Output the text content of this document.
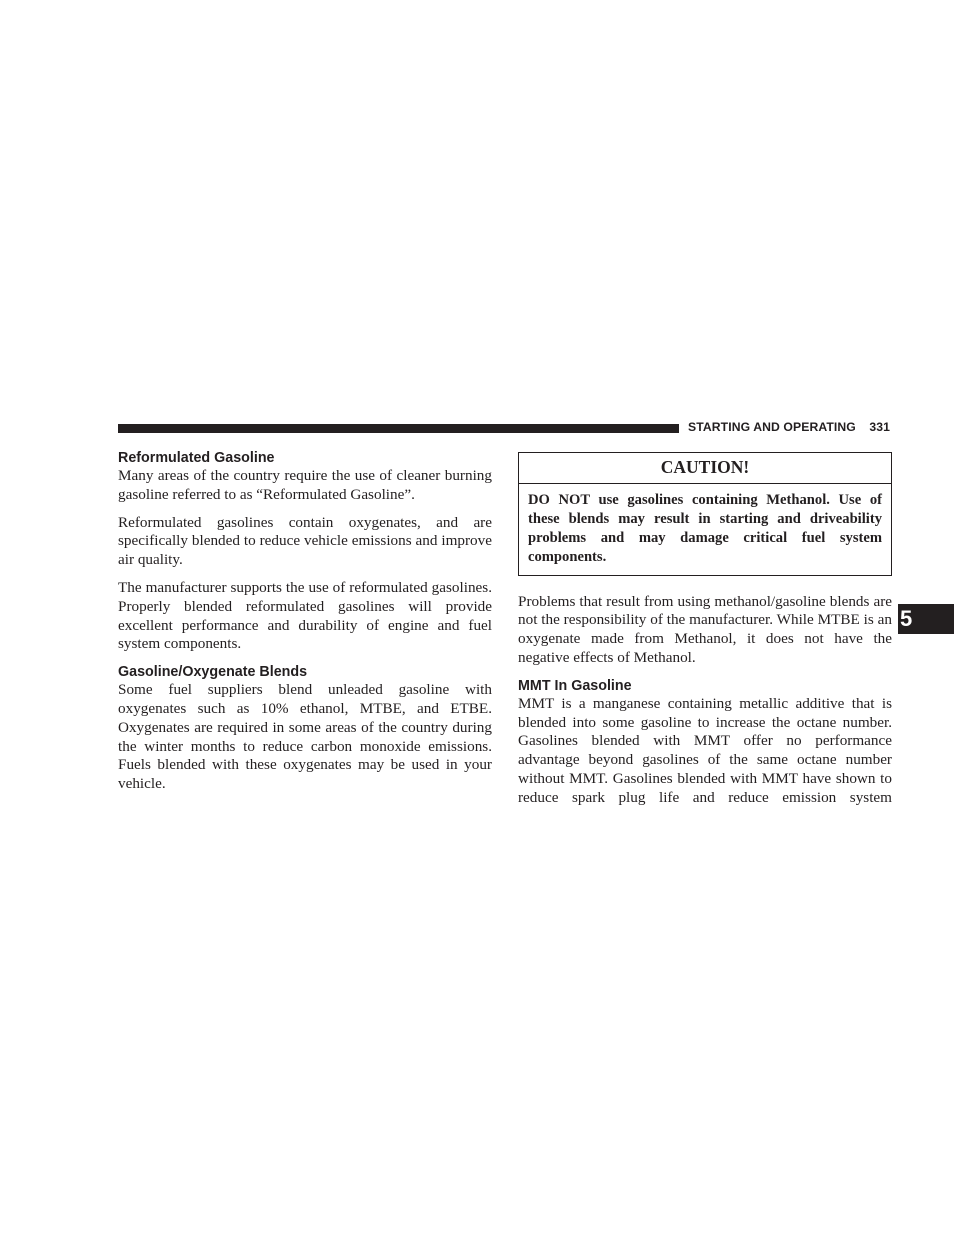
STARTING AND OPERATING 331
Reformulated Gasoline

Many areas of the country require the use of cleaner burning gasoline referred to as “Reformulated Gasoline”.

Reformulated gasolines contain oxygenates, and are specifically blended to reduce vehicle emissions and improve air quality.

The manufacturer supports the use of reformulated gasolines. Properly blended reformulated gasolines will provide excellent performance and durability of engine and fuel system components.

Gasoline/Oxygenate Blends

Some fuel suppliers blend unleaded gasoline with oxygenates such as 10% ethanol, MTBE, and ETBE. Oxygenates are required in some areas of the country during the winter months to reduce carbon monoxide emissions. Fuels blended with these oxygenates may be used in your vehicle.

CAUTION!
DO NOT use gasolines containing Methanol. Use of these blends may result in starting and driveability problems and may damage critical fuel system components.

Problems that result from using methanol/gasoline blends are not the responsibility of the manufacturer. While MTBE is an oxygenate made from Methanol, it does not have the negative effects of Methanol.

MMT In Gasoline

MMT is a manganese containing metallic additive that is blended into some gasoline to increase the octane number. Gasolines blended with MMT offer no performance advantage beyond gasolines of the same octane number without MMT. Gasolines blended with MMT have shown to reduce spark plug life and reduce emission system

5
